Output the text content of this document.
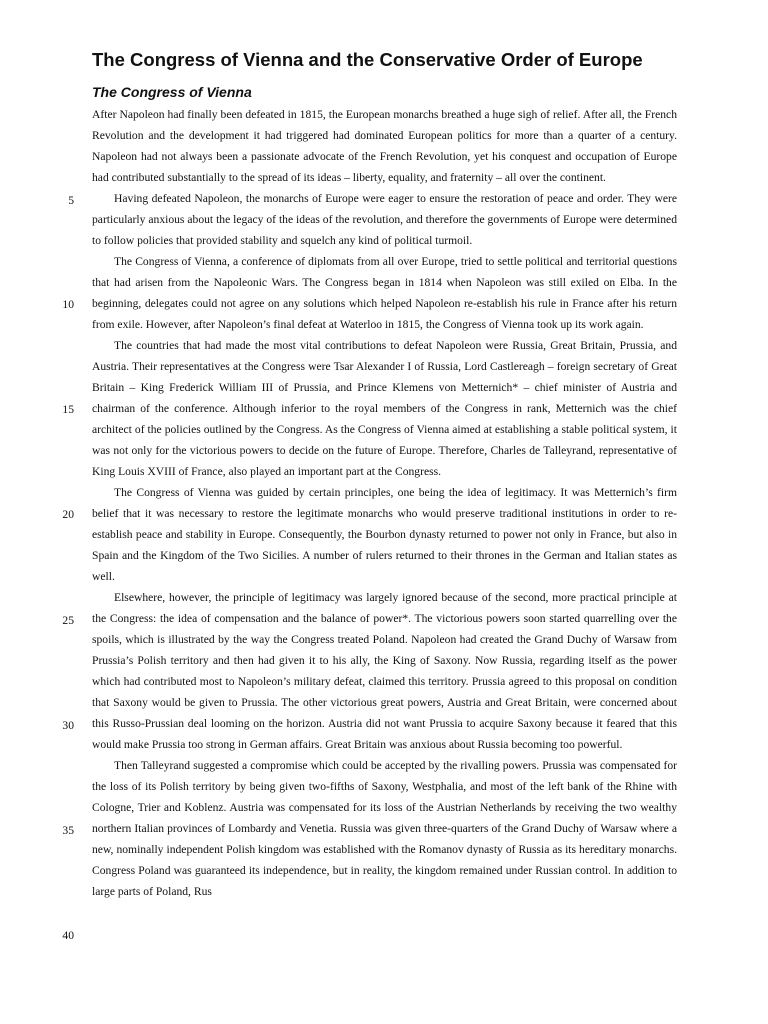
The Congress of Vienna and the Conservative Order of Europe
The Congress of Vienna
5
10
15
20
25
30
35
40

After Napoleon had finally been defeated in 1815, the European monarchs breathed a huge sigh of relief. After all, the French Revolution and the development it had triggered had dominated European politics for more than a quarter of a century. Napoleon had not always been a passionate advocate of the French Revolution, yet his conquest and occupation of Europe had contributed substantially to the spread of its ideas – liberty, equality, and fraternity – all over the continent.

Having defeated Napoleon, the monarchs of Europe were eager to ensure the restoration of peace and order. They were particularly anxious about the legacy of the ideas of the revolution, and therefore the governments of Europe were determined to follow policies that provided stability and squelch any kind of political turmoil.

The Congress of Vienna, a conference of diplomats from all over Europe, tried to settle political and territorial questions that had arisen from the Napoleonic Wars. The Congress began in 1814 when Napoleon was still exiled on Elba. In the beginning, delegates could not agree on any solutions which helped Napoleon re-establish his rule in France after his return from exile. However, after Napoleon’s final defeat at Waterloo in 1815, the Congress of Vienna took up its work again.

The countries that had made the most vital contributions to defeat Napoleon were Russia, Great Britain, Prussia, and Austria. Their representatives at the Congress were Tsar Alexander I of Russia, Lord Castlereagh – foreign secretary of Great Britain – King Frederick William III of Prussia, and Prince Klemens von Metternich* – chief minister of Austria and chairman of the conference. Although inferior to the royal members of the Congress in rank, Metternich was the chief architect of the policies outlined by the Congress. As the Congress of Vienna aimed at establishing a stable political system, it was not only for the victorious powers to decide on the future of Europe. Therefore, Charles de Talleyrand, representative of King Louis XVIII of France, also played an important part at the Congress.

The Congress of Vienna was guided by certain principles, one being the idea of legitimacy. It was Metternich’s firm belief that it was necessary to restore the legitimate monarchs who would preserve traditional institutions in order to re-establish peace and stability in Europe. Consequently, the Bourbon dynasty returned to power not only in France, but also in Spain and the Kingdom of the Two Sicilies. A number of rulers returned to their thrones in the German and Italian states as well.

Elsewhere, however, the principle of legitimacy was largely ignored because of the second, more practical principle at the Congress: the idea of compensation and the balance of power*. The victorious powers soon started quarrelling over the spoils, which is illustrated by the way the Congress treated Poland. Napoleon had created the Grand Duchy of Warsaw from Prussia’s Polish territory and then had given it to his ally, the King of Saxony. Now Russia, regarding itself as the power which had contributed most to Napoleon’s military defeat, claimed this territory. Prussia agreed to this proposal on condition that Saxony would be given to Prussia. The other victorious great powers, Austria and Great Britain, were concerned about this Russo-Prussian deal looming on the horizon. Austria did not want Prussia to acquire Saxony because it feared that this would make Prussia too strong in German affairs. Great Britain was anxious about Russia becoming too powerful.

Then Talleyrand suggested a compromise which could be accepted by the rivalling powers. Prussia was compensated for the loss of its Polish territory by being given two-fifths of Saxony, Westphalia, and most of the left bank of the Rhine with Cologne, Trier and Koblenz. Austria was compensated for its loss of the Austrian Netherlands by receiving the two wealthy northern Italian provinces of Lombardy and Venetia. Russia was given three-quarters of the Grand Duchy of Warsaw where a new, nominally independent Polish kingdom was established with the Romanov dynasty of Russia as its hereditary monarchs. Congress Poland was guaranteed its independence, but in reality, the kingdom remained under Russian control. In addition to large parts of Poland, Rus
